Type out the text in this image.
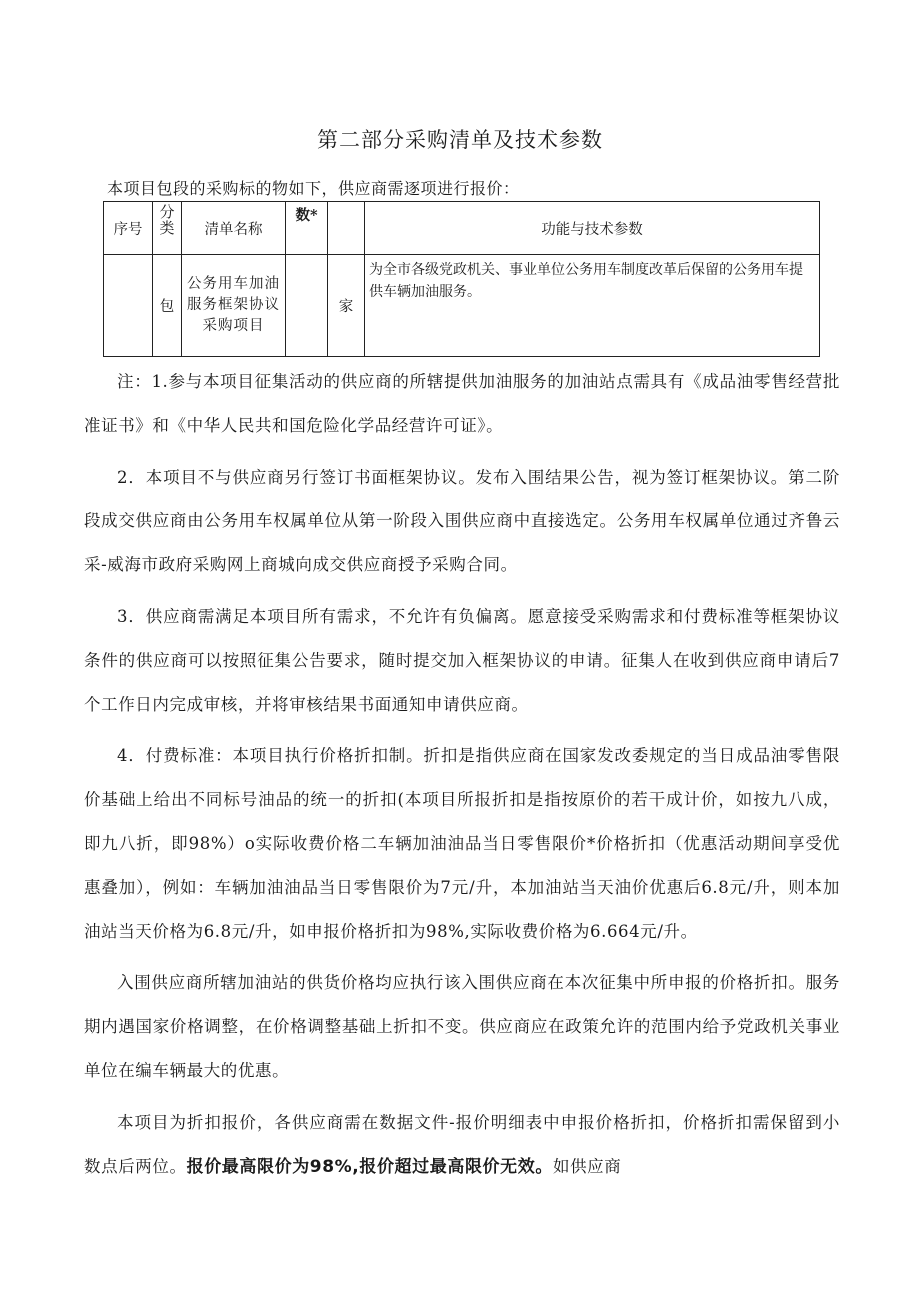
第二部分采购清单及技术参数
本项目包段的采购标的物如下，供应商需逐项进行报价：
序号	分类	清单名称	数*		功能与技术参数
	包	公务用车加油服务框架协议采购项目		家	为全市各级党政机关、事业单位公务用车制度改革后保留的公务用车提供车辆加油服务。

注：1.参与本项目征集活动的供应商的所辖提供加油服务的加油站点需具有《成品油零售经营批准证书》和《中华人民共和国危险化学品经营许可证》。

2．本项目不与供应商另行签订书面框架协议。发布入围结果公告，视为签订框架协议。第二阶段成交供应商由公务用车权属单位从第一阶段入围供应商中直接选定。公务用车权属单位通过齐鲁云采-威海市政府采购网上商城向成交供应商授予采购合同。

3．供应商需满足本项目所有需求，不允许有负偏离。愿意接受采购需求和付费标准等框架协议条件的供应商可以按照征集公告要求，随时提交加入框架协议的申请。征集人在收到供应商申请后7个工作日内完成审核，并将审核结果书面通知申请供应商。

4．付费标准：本项目执行价格折扣制。折扣是指供应商在国家发改委规定的当日成品油零售限价基础上给出不同标号油品的统一的折扣(本项目所报折扣是指按原价的若干成计价，如按九八成，即九八折，即98%）o实际收费价格二车辆加油油品当日零售限价*价格折扣（优惠活动期间享受优惠叠加），例如：车辆加油油品当日零售限价为7元/升，本加油站当天油价优惠后6.8元/升，则本加油站当天价格为6.8元/升，如申报价格折扣为98%,实际收费价格为6.664元/升。

入围供应商所辖加油站的供货价格均应执行该入围供应商在本次征集中所申报的价格折扣。服务期内遇国家价格调整，在价格调整基础上折扣不变。供应商应在政策允许的范围内给予党政机关事业单位在编车辆最大的优惠。

本项目为折扣报价，各供应商需在数据文件-报价明细表中申报价格折扣，价格折扣需保留到小数点后两位。报价最高限价为98%,报价超过最高限价无效。如供应商
